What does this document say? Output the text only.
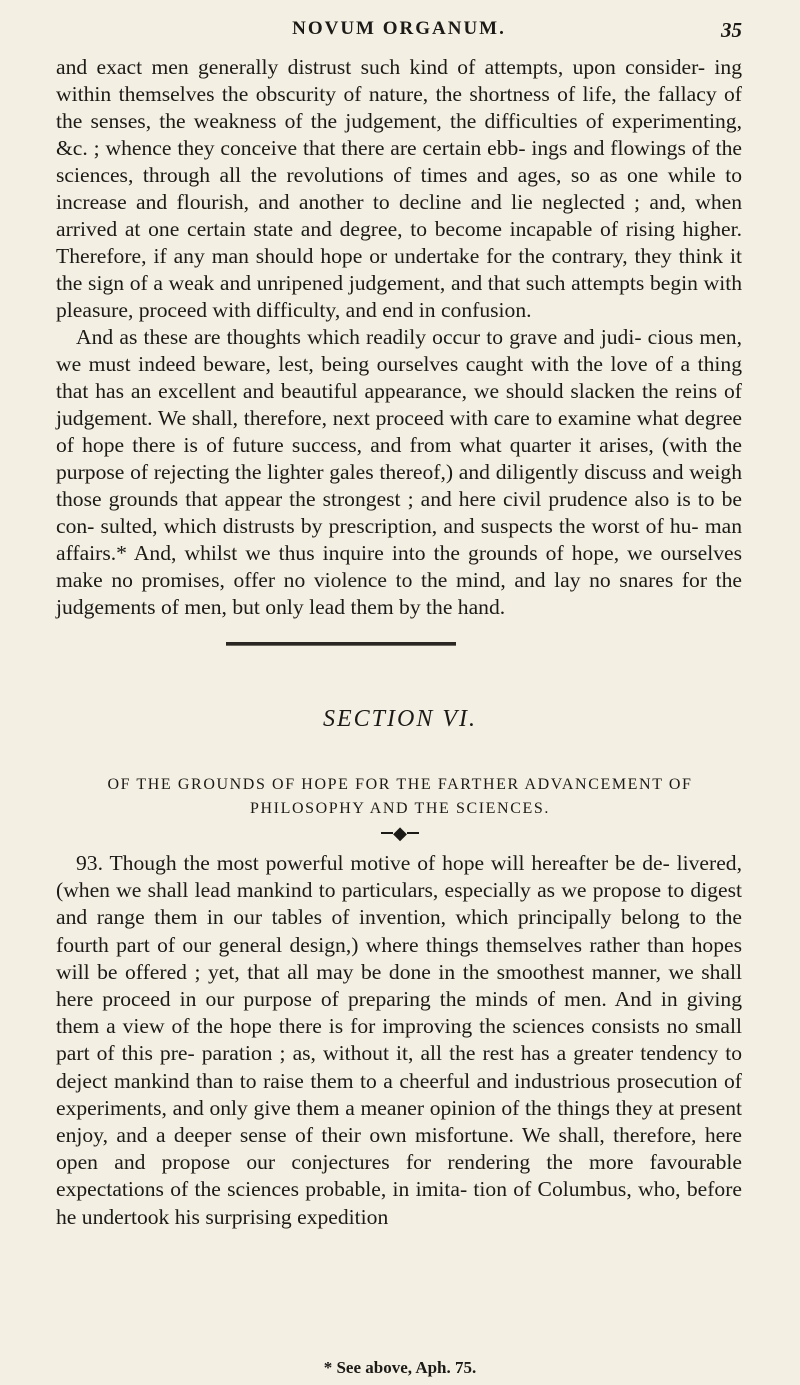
NOVUM ORGANUM.	35

and exact men generally distrust such kind of attempts, upon consider- ing within themselves the obscurity of nature, the shortness of life, the fallacy of the senses, the weakness of the judgement, the difficulties of experimenting, &c. ; whence they conceive that there are certain ebb- ings and flowings of the sciences, through all the revolutions of times and ages, so as one while to increase and flourish, and another to decline and lie neglected ; and, when arrived at one certain state and degree, to become incapable of rising higher. Therefore, if any man should hope or undertake for the contrary, they think it the sign of a weak and unripened judgement, and that such attempts begin with pleasure, proceed with difficulty, and end in confusion.

And as these are thoughts which readily occur to grave and judi- cious men, we must indeed beware, lest, being ourselves caught with the love of a thing that has an excellent and beautiful appearance, we should slacken the reins of judgement. We shall, therefore, next proceed with care to examine what degree of hope there is of future success, and from what quarter it arises, (with the purpose of rejecting the lighter gales thereof,) and diligently discuss and weigh those grounds that appear the strongest ; and here civil prudence also is to be con- sulted, which distrusts by prescription, and suspects the worst of hu- man affairs.* And, whilst we thus inquire into the grounds of hope, we ourselves make no promises, offer no violence to the mind, and lay no snares for the judgements of men, but only lead them by the hand.

SECTION VI.
OF THE GROUNDS OF HOPE FOR THE FARTHER ADVANCEMENT OF
PHILOSOPHY AND THE SCIENCES.
◆

93. Though the most powerful motive of hope will hereafter be de- livered, (when we shall lead mankind to particulars, especially as we propose to digest and range them in our tables of invention, which principally belong to the fourth part of our general design,) where things themselves rather than hopes will be offered ; yet, that all may be done in the smoothest manner, we shall here proceed in our purpose of preparing the minds of men. And in giving them a view of the hope there is for improving the sciences consists no small part of this pre- paration ; as, without it, all the rest has a greater tendency to deject mankind than to raise them to a cheerful and industrious prosecution of experiments, and only give them a meaner opinion of the things they at present enjoy, and a deeper sense of their own misfortune. We shall, therefore, here open and propose our conjectures for rendering the more favourable expectations of the sciences probable, in imita- tion of Columbus, who, before he undertook his surprising expedition

* See above, Aph. 75.
